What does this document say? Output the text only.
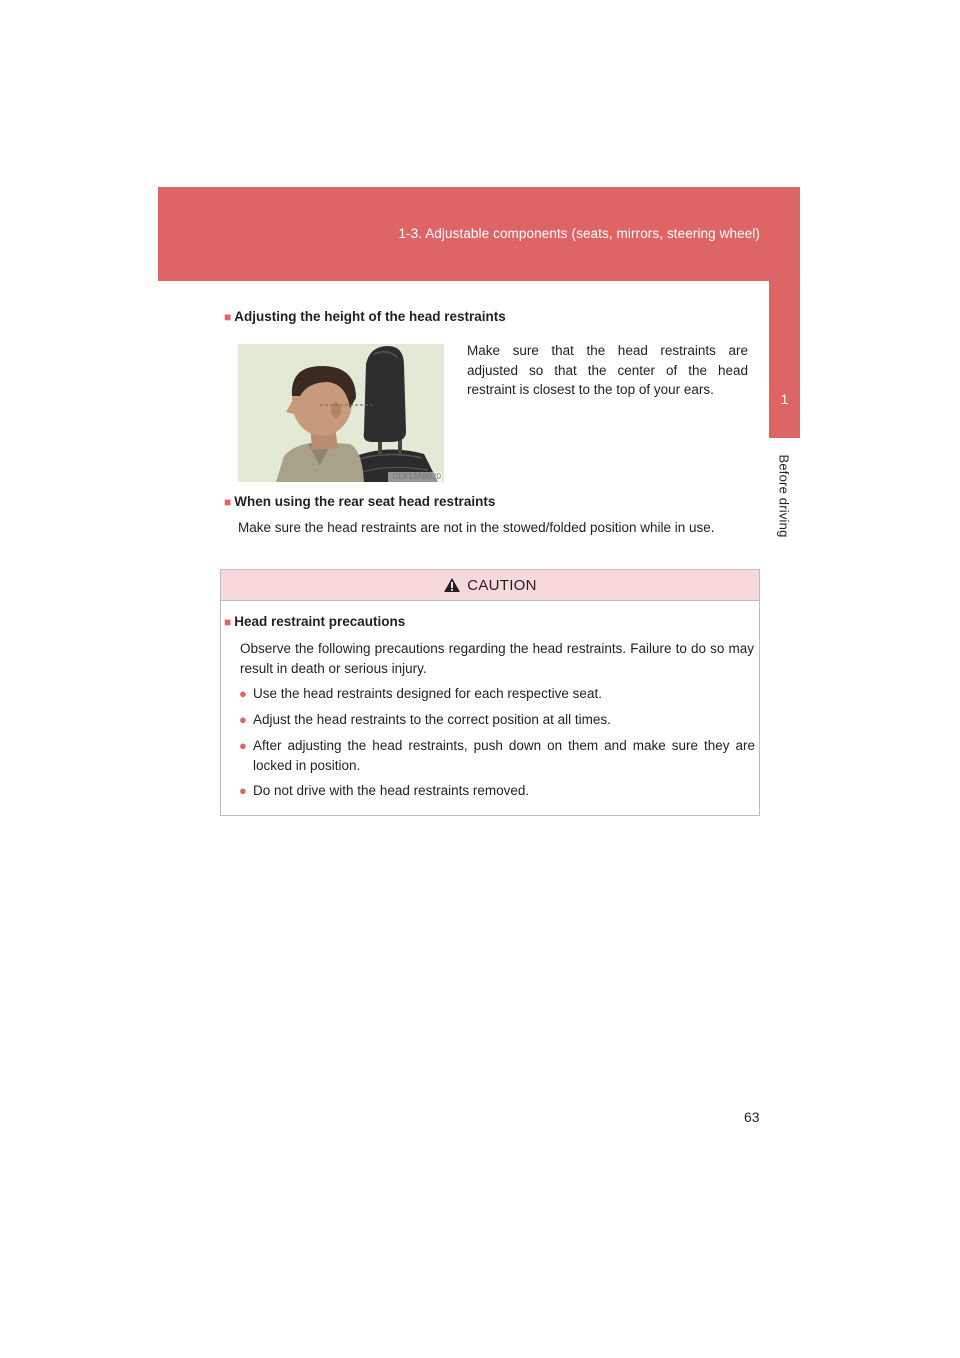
1-3. Adjustable components (seats, mirrors, steering wheel)
1
Before driving
■ Adjusting the height of the head restraints
CLX13AB020
Make sure that the head restraints are adjusted so that the center of the head restraint is closest to the top of your ears.
■ When using the rear seat head restraints
Make sure the head restraints are not in the stowed/folded position while in use.
CAUTION
■ Head restraint precautions
Observe the following precautions regarding the head restraints. Failure to do so may result in death or serious injury.
● Use the head restraints designed for each respective seat.
● Adjust the head restraints to the correct position at all times.
● After adjusting the head restraints, push down on them and make sure they are locked in position.
● Do not drive with the head restraints removed.
63
